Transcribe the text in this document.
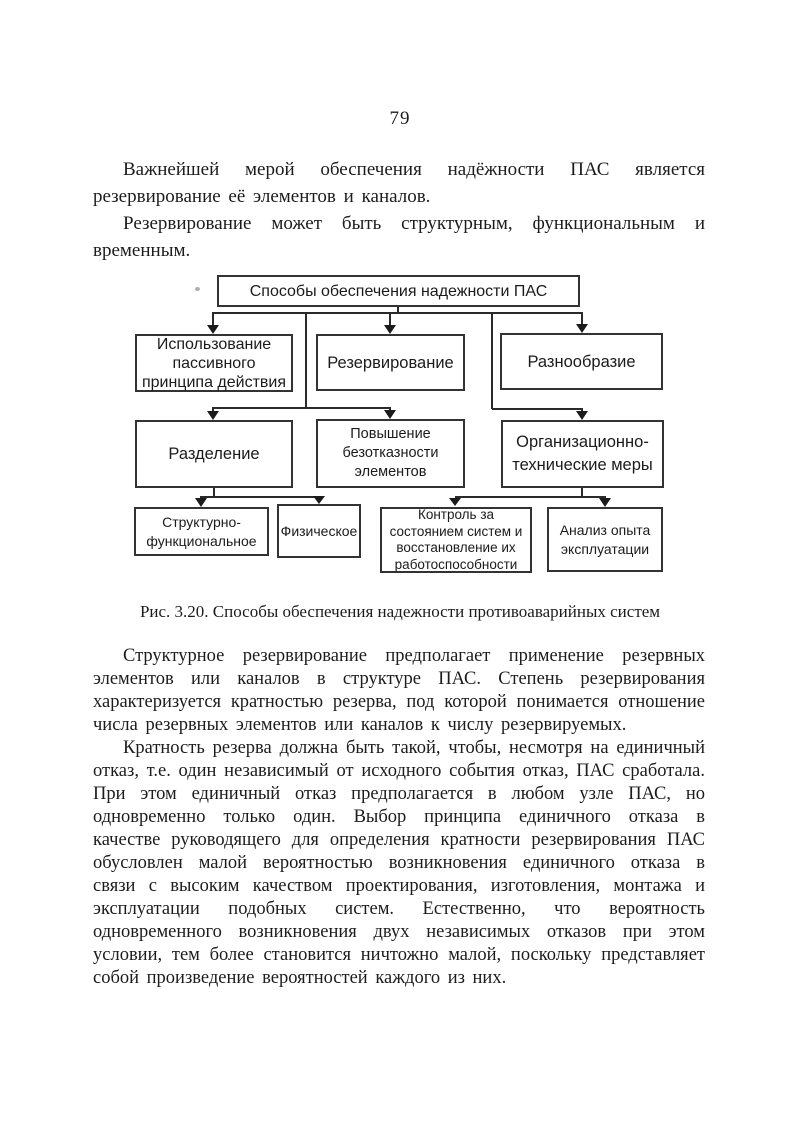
79

Важнейшей мерой обеспечения надёжности ПАС является резервирование её элементов и каналов.

Резервирование может быть структурным, функциональным и временным.

Способы обеспечения надежности ПАС
Использование пассивного принципа действия
Резервирование	Разнообразие
Разделение
Повышение безотказности элементов
Организационно-технические меры
Структурно-функциональное
Физическое
Контроль за состоянием систем и восстановление их работоспособности
Анализ опыта эксплуатации
Рис. 3.20. Способы обеспечения надежности противоаварийных систем

Структурное резервирование предполагает применение резервных элементов или каналов в структуре ПАС. Степень резервирования характеризуется кратностью резерва, под которой понимается отношение числа резервных элементов или каналов к числу резервируемых.

Кратность резерва должна быть такой, чтобы, несмотря на единичный отказ, т.е. один независимый от исходного события отказ, ПАС сработала. При этом единичный отказ предполагается в любом узле ПАС, но одновременно только один. Выбор принципа единичного отказа в качестве руководящего для определения кратности резервирования ПАС обусловлен малой вероятностью возникновения единичного отказа в связи с высоким качеством проектирования, изготовления, монтажа и эксплуатации подобных систем. Естественно, что вероятность одновременного возникновения двух независимых отказов при этом условии, тем более становится ничтожно малой, поскольку представляет собой произведение вероятностей каждого из них.
